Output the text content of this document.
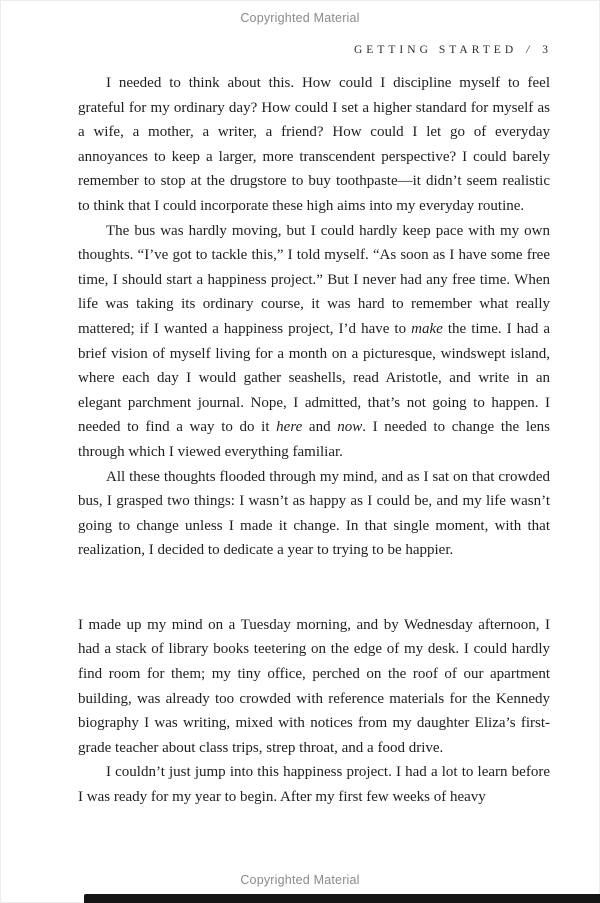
Copyrighted Material
GETTING STARTED / 3

I needed to think about this. How could I discipline myself to feel grateful for my ordinary day? How could I set a higher standard for myself as a wife, a mother, a writer, a friend? How could I let go of everyday annoyances to keep a larger, more transcendent perspective? I could barely remember to stop at the drugstore to buy toothpaste—it didn’t seem realistic to think that I could incorporate these high aims into my everyday routine.

The bus was hardly moving, but I could hardly keep pace with my own thoughts. “I’ve got to tackle this,” I told myself. “As soon as I have some free time, I should start a happiness project.” But I never had any free time. When life was taking its ordinary course, it was hard to remember what really mattered; if I wanted a happiness project, I’d have to make the time. I had a brief vision of myself living for a month on a picturesque, windswept island, where each day I would gather seashells, read Aristotle, and write in an elegant parchment journal. Nope, I admitted, that’s not going to happen. I needed to find a way to do it here and now. I needed to change the lens through which I viewed everything familiar.

All these thoughts flooded through my mind, and as I sat on that crowded bus, I grasped two things: I wasn’t as happy as I could be, and my life wasn’t going to change unless I made it change. In that single moment, with that realization, I decided to dedicate a year to trying to be happier.

I made up my mind on a Tuesday morning, and by Wednesday afternoon, I had a stack of library books teetering on the edge of my desk. I could hardly find room for them; my tiny office, perched on the roof of our apartment building, was already too crowded with reference materials for the Kennedy biography I was writing, mixed with notices from my daughter Eliza’s first-grade teacher about class trips, strep throat, and a food drive.

I couldn’t just jump into this happiness project. I had a lot to learn before I was ready for my year to begin. After my first few weeks of heavy

Copyrighted Material
